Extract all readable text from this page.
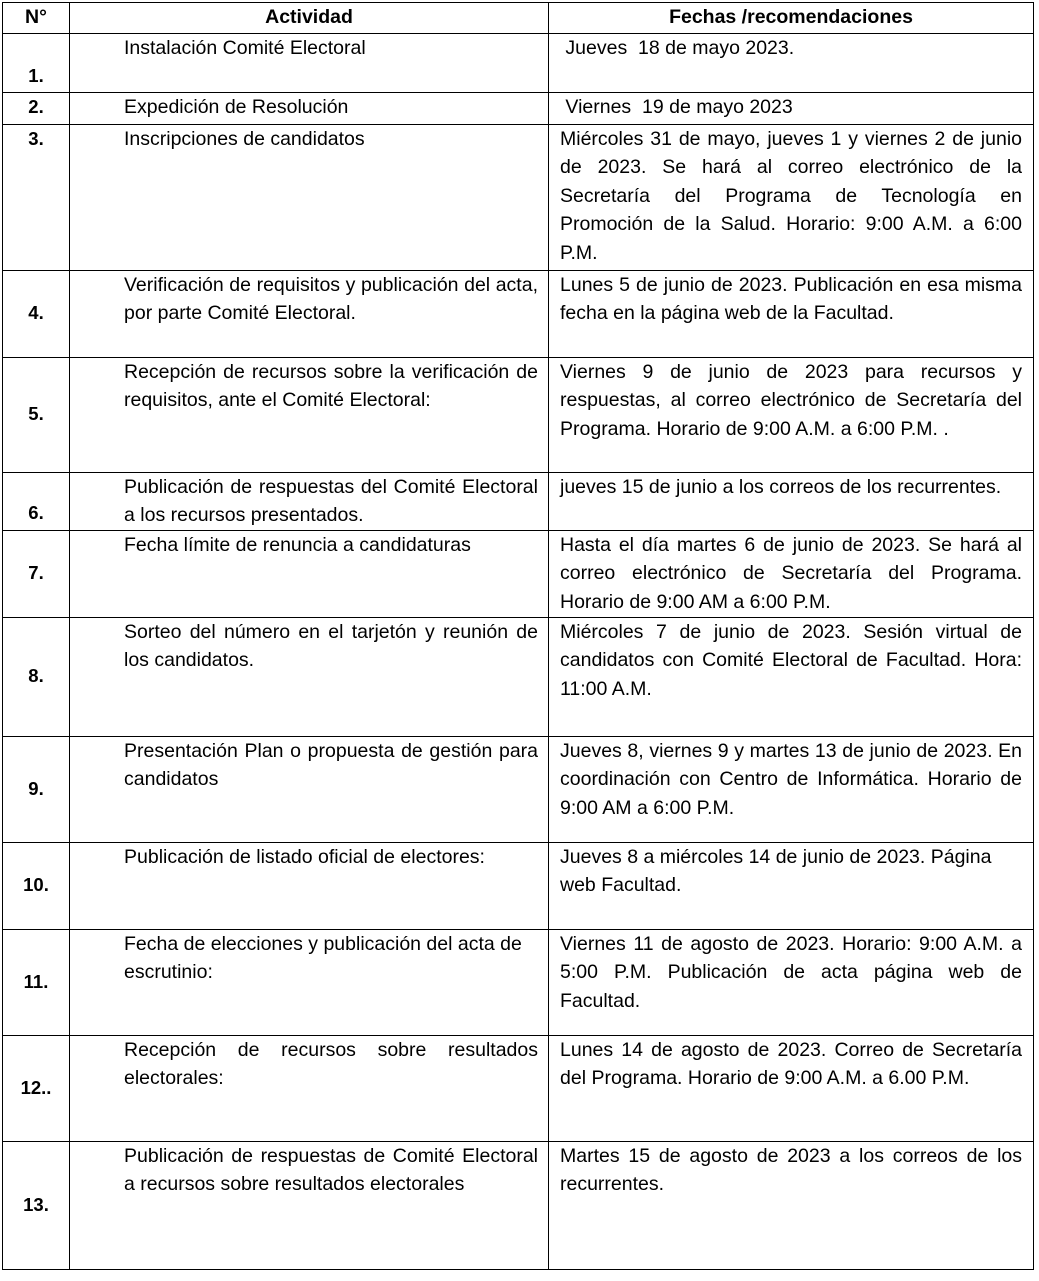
N°	Actividad	Fechas /recomendaciones
1.	Instalación Comité Electoral	Jueves  18 de mayo 2023.
2.	Expedición de Resolución	Viernes  19 de mayo 2023
3.	Inscripciones de candidatos	Miércoles 31 de mayo, jueves 1 y viernes 2 de junio de 2023. Se hará al correo electrónico de la Secretaría del Programa de Tecnología en Promoción de la Salud. Horario: 9:00 A.M. a 6:00 P.M.
4.	Verificación de requisitos y publicación del acta, por parte Comité Electoral.	Lunes 5 de junio de 2023. Publicación en esa misma fecha en la página web de la Facultad.
5.	Recepción de recursos sobre la verificación de requisitos, ante el Comité Electoral:	Viernes 9 de junio de 2023 para recursos y respuestas, al correo electrónico de Secretaría del Programa. Horario de 9:00 A.M. a 6:00 P.M. .
6.	Publicación de respuestas del Comité Electoral a los recursos presentados.	jueves 15 de junio a los correos de los recurrentes.
7.	Fecha límite de renuncia a candidaturas	Hasta el día martes 6 de junio de 2023. Se hará al correo electrónico de Secretaría del Programa. Horario de 9:00 AM a 6:00 P.M.
8.	Sorteo del número en el tarjetón y reunión de los candidatos.	Miércoles 7 de junio de 2023. Sesión virtual de candidatos con Comité Electoral de Facultad. Hora: 11:00 A.M.
9.	Presentación Plan o propuesta de gestión para candidatos	Jueves 8, viernes 9 y martes 13 de junio de 2023. En coordinación con Centro de Informática. Horario de 9:00 AM a 6:00 P.M.
10.	Publicación de listado oficial de electores:	Jueves 8 a miércoles 14 de junio de 2023. Página web Facultad.
11.	Fecha de elecciones y publicación del acta de escrutinio:	Viernes 11 de agosto de 2023. Horario: 9:00 A.M. a 5:00 P.M. Publicación de acta página web de Facultad.
12..	Recepción de recursos sobre resultados electorales:	Lunes 14 de agosto de 2023. Correo de Secretaría del Programa. Horario de 9:00 A.M. a 6.00 P.M.
13.	Publicación de respuestas de Comité Electoral a recursos sobre resultados electorales	Martes 15 de agosto de 2023 a los correos de los recurrentes.
